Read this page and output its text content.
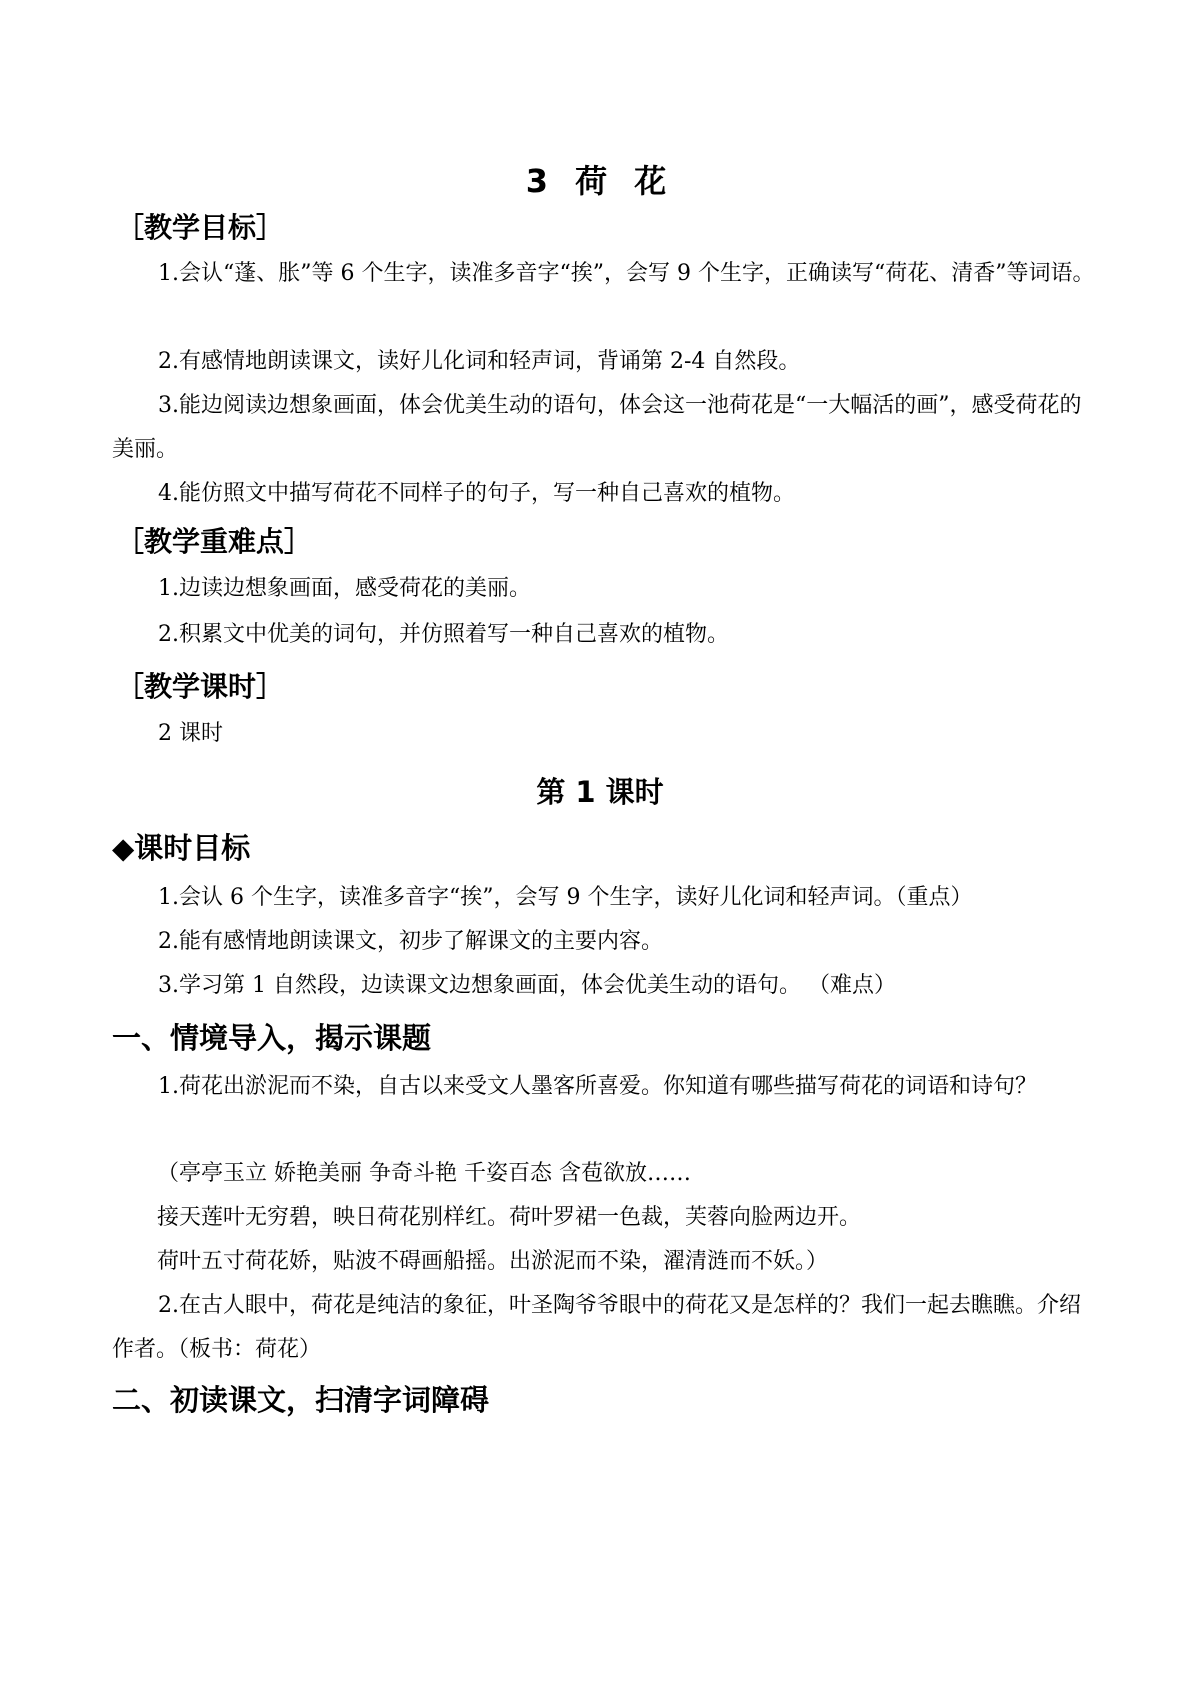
3 荷 花
［教学目标］
1.会认“蓬、胀”等 6 个生字，读准多音字“挨”，会写 9 个生字，正确读写“荷花、清香”等词语。
2.有感情地朗读课文，读好儿化词和轻声词，背诵第 2-4 自然段。
3.能边阅读边想象画面，体会优美生动的语句，体会这一池荷花是“一大幅活的画”，感受荷花的美丽。
4.能仿照文中描写荷花不同样子的句子，写一种自己喜欢的植物。
［教学重难点］
1.边读边想象画面，感受荷花的美丽。
2.积累文中优美的词句，并仿照着写一种自己喜欢的植物。
［教学课时］
2 课时
第 1 课时
◆课时目标
1.会认 6 个生字，读准多音字“挨”，会写 9 个生字，读好儿化词和轻声词。（重点）
2.能有感情地朗读课文，初步了解课文的主要内容。
3.学习第 1 自然段，边读课文边想象画面，体会优美生动的语句。 （难点）
一、情境导入，揭示课题
1.荷花出淤泥而不染，自古以来受文人墨客所喜爱。你知道有哪些描写荷花的词语和诗句？
（亭亭玉立 娇艳美丽 争奇斗艳 千姿百态 含苞欲放……
接天莲叶无穷碧，映日荷花别样红。荷叶罗裙一色裁，芙蓉向脸两边开。
荷叶五寸荷花娇，贴波不碍画船摇。出淤泥而不染，濯清涟而不妖。）
2.在古人眼中，荷花是纯洁的象征，叶圣陶爷爷眼中的荷花又是怎样的？我们一起去瞧瞧。介绍作者。（板书：荷花）
二、初读课文，扫清字词障碍
